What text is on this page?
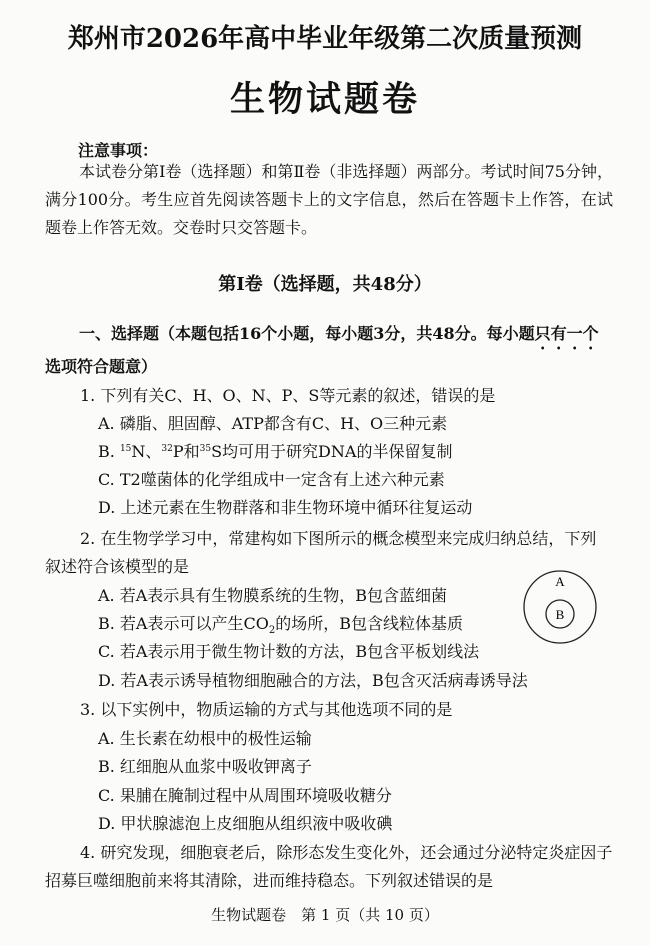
郑州市2026年高中毕业年级第二次质量预测
生物试题卷
注意事项：
本试卷分第Ⅰ卷（选择题）和第Ⅱ卷（非选择题）两部分。考试时间75分钟，满分100分。考生应首先阅读答题卡上的文字信息，然后在答题卡上作答，在试题卷上作答无效。交卷时只交答题卡。
第Ⅰ卷（选择题，共48分）
一、选择题（本题包括16个小题，每小题3分，共48分。每小题只有一个选项符合题意）
1. 下列有关C、H、O、N、P、S等元素的叙述，错误的是
A. 磷脂、胆固醇、ATP都含有C、H、O三种元素
B. $^{15}$N、$^{32}$P和$^{35}$S均可用于研究DNA的半保留复制
C. T2噬菌体的化学组成中一定含有上述六种元素
D. 上述元素在生物群落和非生物环境中循环往复运动
2. 在生物学学习中，常建构如下图所示的概念模型来完成归纳总结，下列
叙述符合该模型的是
A. 若A表示具有生物膜系统的生物，B包含蓝细菌
B. 若A表示可以产生$CO_2$的场所，B包含线粒体基质
C. 若A表示用于微生物计数的方法，B包含平板划线法
D. 若A表示诱导植物细胞融合的方法，B包含灭活病毒诱导法
A
B
3. 以下实例中，物质运输的方式与其他选项不同的是
A. 生长素在幼根中的极性运输
B. 红细胞从血浆中吸收钾离子
C. 果脯在腌制过程中从周围环境吸收糖分
D. 甲状腺滤泡上皮细胞从组织液中吸收碘
4. 研究发现，细胞衰老后，除形态发生变化外，还会通过分泌特定炎症因子
招募巨噬细胞前来将其清除，进而维持稳态。下列叙述错误的是
生物试题卷　第 1 页（共 10 页）
